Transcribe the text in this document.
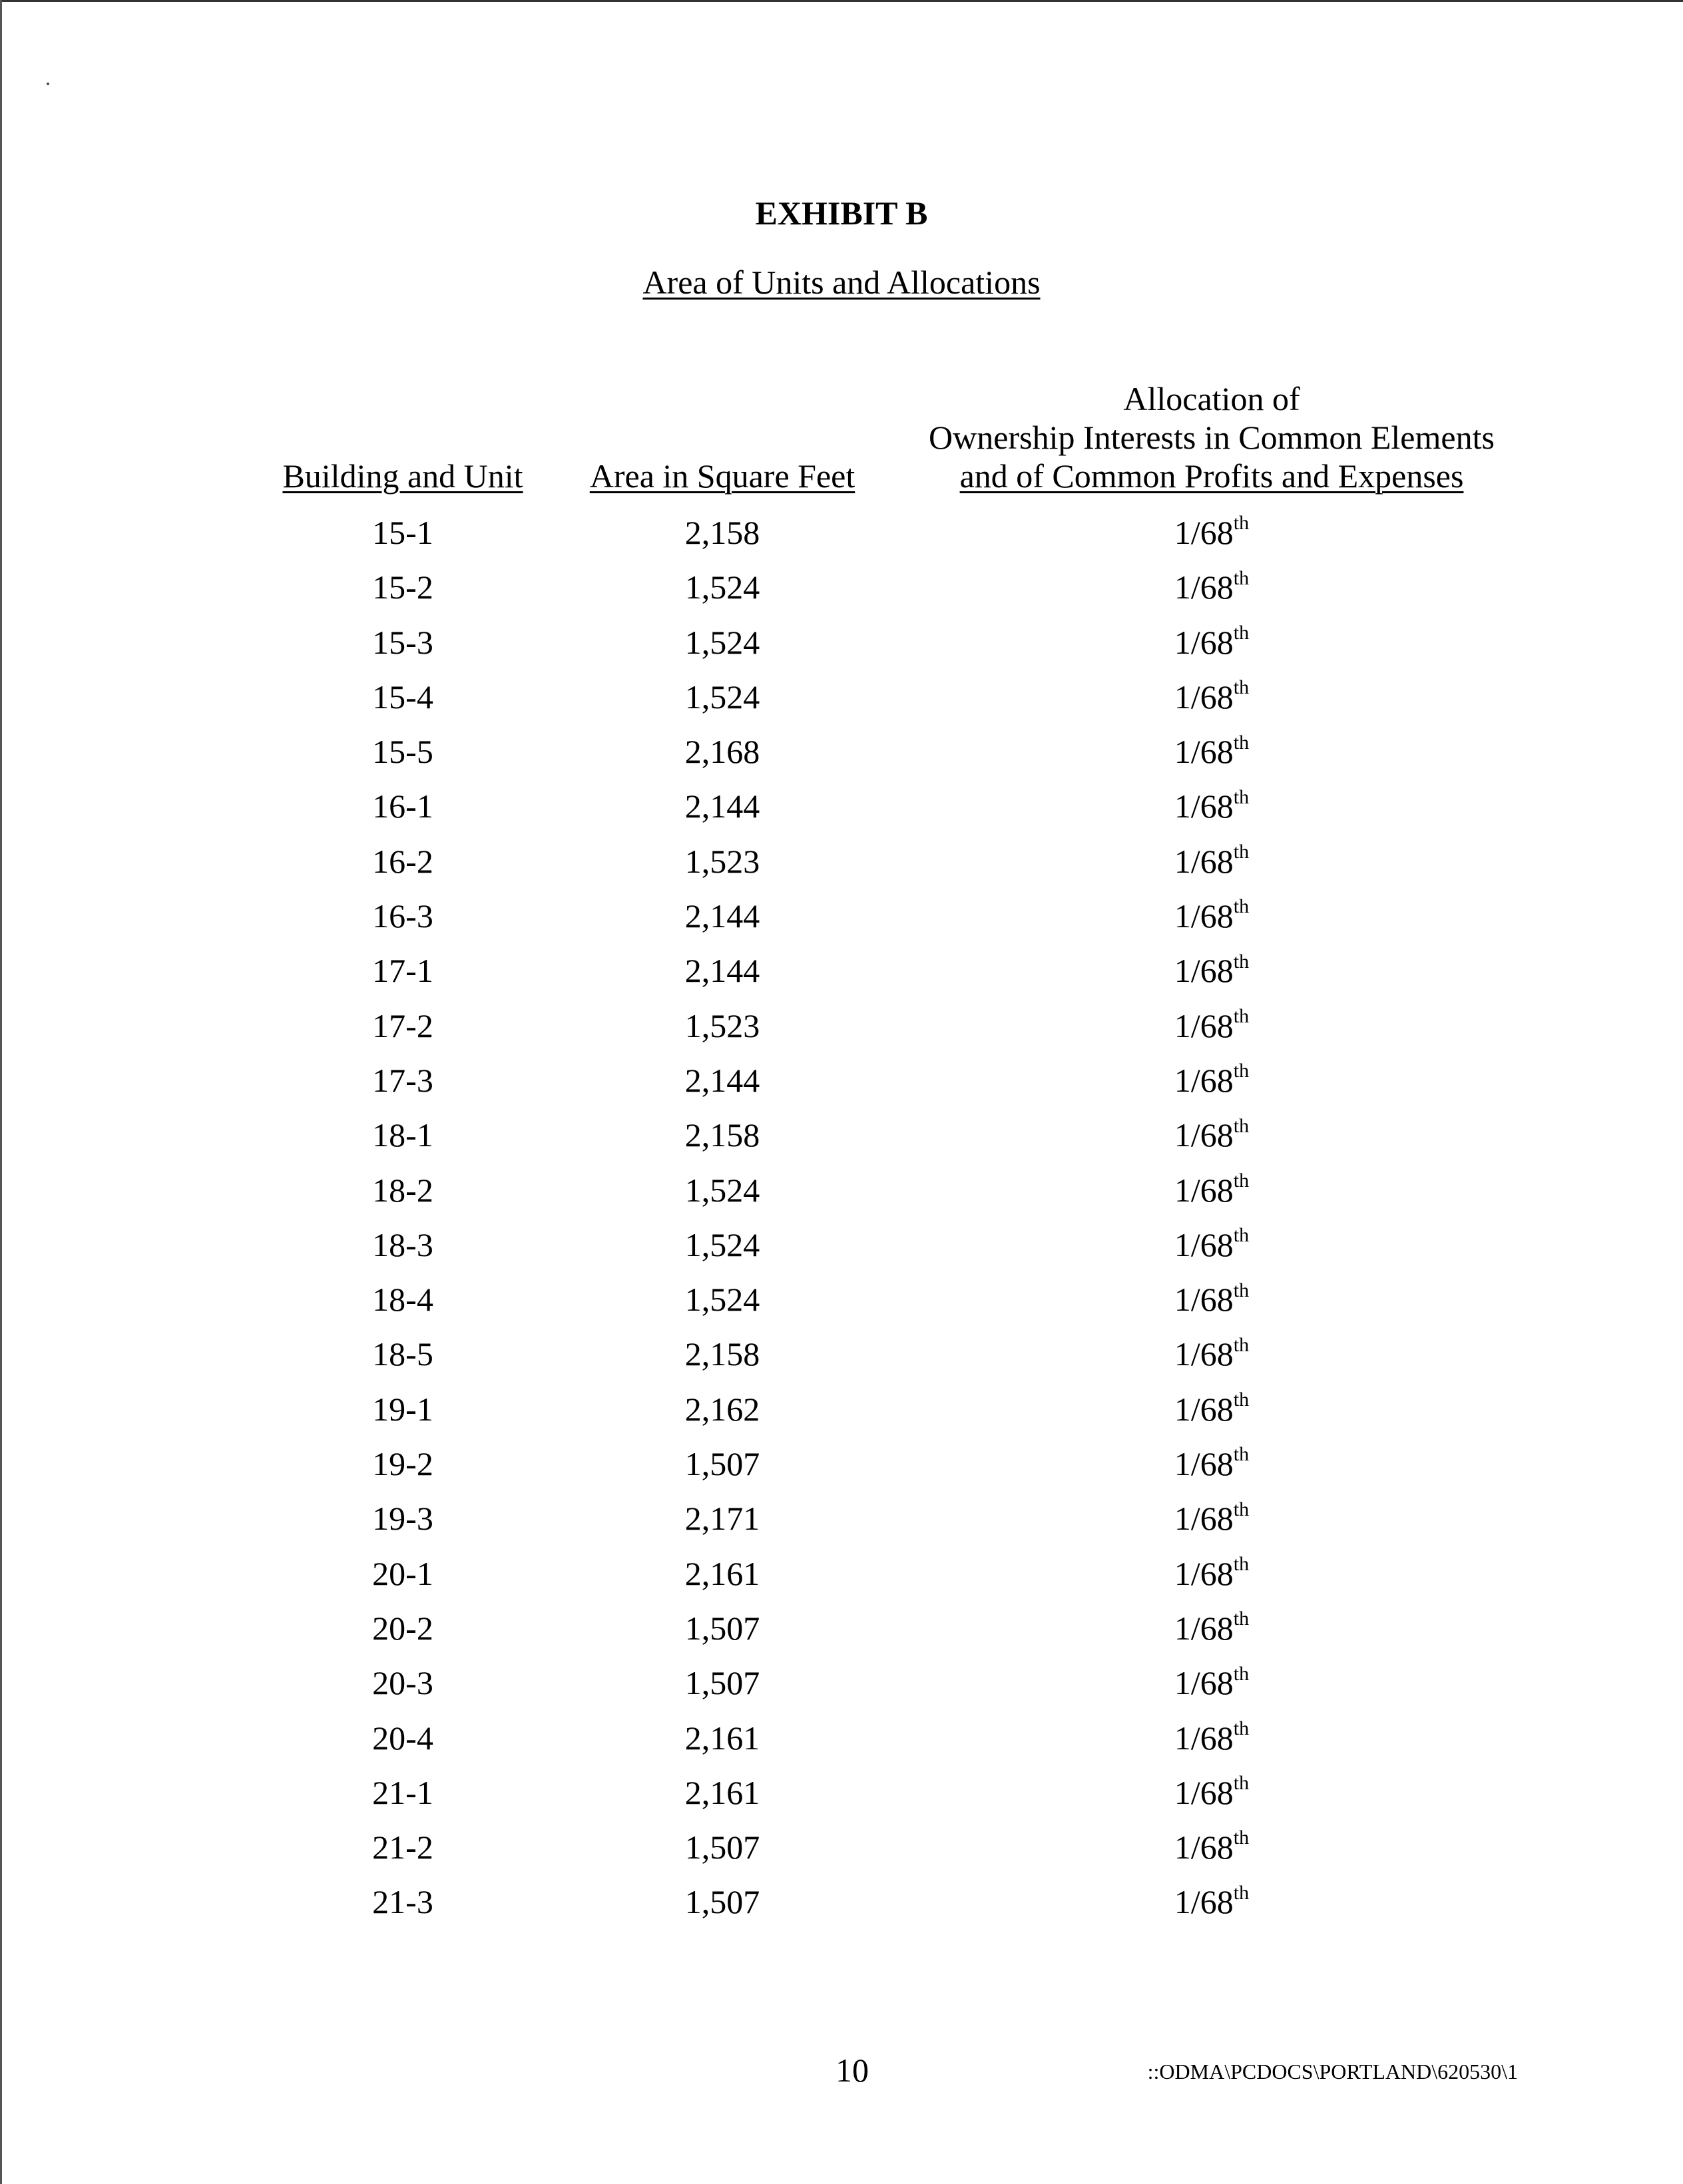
EXHIBIT B
Area of Units and Allocations
Building and Unit	Area in Square Feet
Allocation of
Ownership Interests in Common Elements
and of Common Profits and Expenses
15-1	2,158	1/68th
15-2	1,524	1/68th
15-3	1,524	1/68th
15-4	1,524	1/68th
15-5	2,168	1/68th
16-1	2,144	1/68th
16-2	1,523	1/68th
16-3	2,144	1/68th
17-1	2,144	1/68th
17-2	1,523	1/68th
17-3	2,144	1/68th
18-1	2,158	1/68th
18-2	1,524	1/68th
18-3	1,524	1/68th
18-4	1,524	1/68th
18-5	2,158	1/68th
19-1	2,162	1/68th
19-2	1,507	1/68th
19-3	2,171	1/68th
20-1	2,161	1/68th
20-2	1,507	1/68th
20-3	1,507	1/68th
20-4	2,161	1/68th
21-1	2,161	1/68th
21-2	1,507	1/68th
21-3	1,507	1/68th
10	::ODMA\PCDOCS\PORTLAND\620530\1
